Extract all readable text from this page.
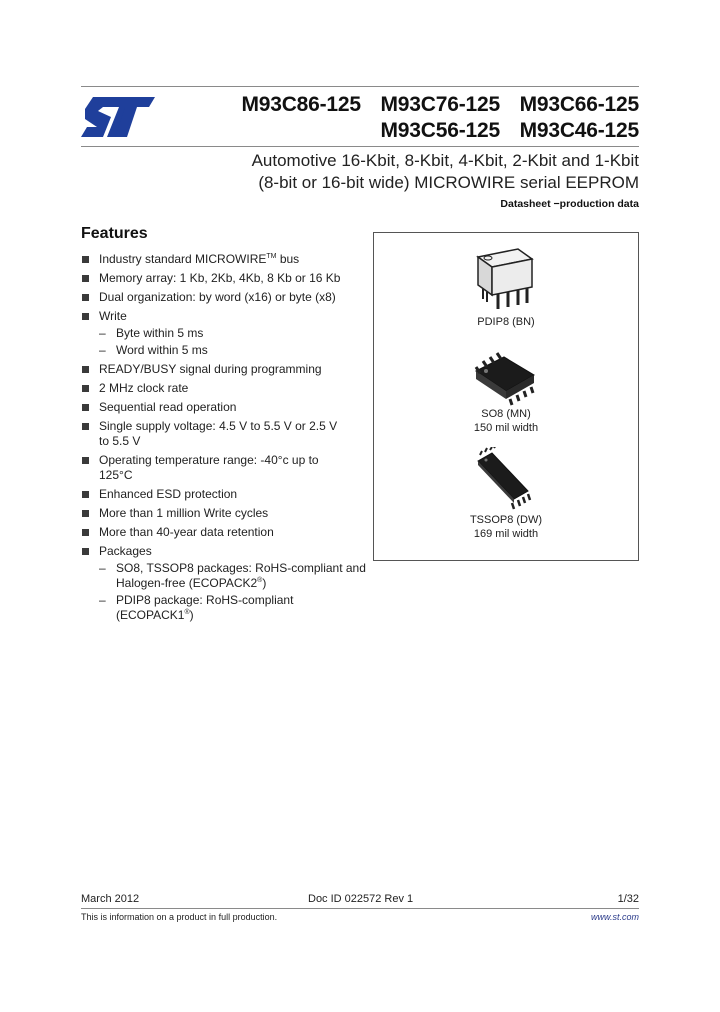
M93C86-125 M93C76-125 M93C66-125
M93C56-125 M93C46-125
Automotive 16-Kbit, 8-Kbit, 4-Kbit, 2-Kbit and 1-Kbit
(8-bit or 16-bit wide) MICROWIRE serial EEPROM
Datasheet −production data
Features
Industry standard MICROWIRE™ bus
Memory array: 1 Kb, 2Kb, 4Kb, 8 Kb or 16 Kb
Dual organization: by word (x16) or byte (x8)
Write
– Byte within 5 ms
– Word within 5 ms
READY/BUSY signal during programming
2 MHz clock rate
Sequential read operation
Single supply voltage: 4.5 V to 5.5 V or 2.5 V to 5.5 V
Operating temperature range: -40°c up to 125°C
Enhanced ESD protection
More than 1 million Write cycles
More than 40-year data retention
Packages
– SO8, TSSOP8 packages: RoHS-compliant and Halogen-free (ECOPACK2®)
– PDIP8 package: RoHS-compliant (ECOPACK1®)
PDIP8 (BN)
SO8 (MN)
150 mil width
TSSOP8 (DW)
169 mil width
March 2012	Doc ID 022572 Rev 1	1/32
This is information on a product in full production.	www.st.com
